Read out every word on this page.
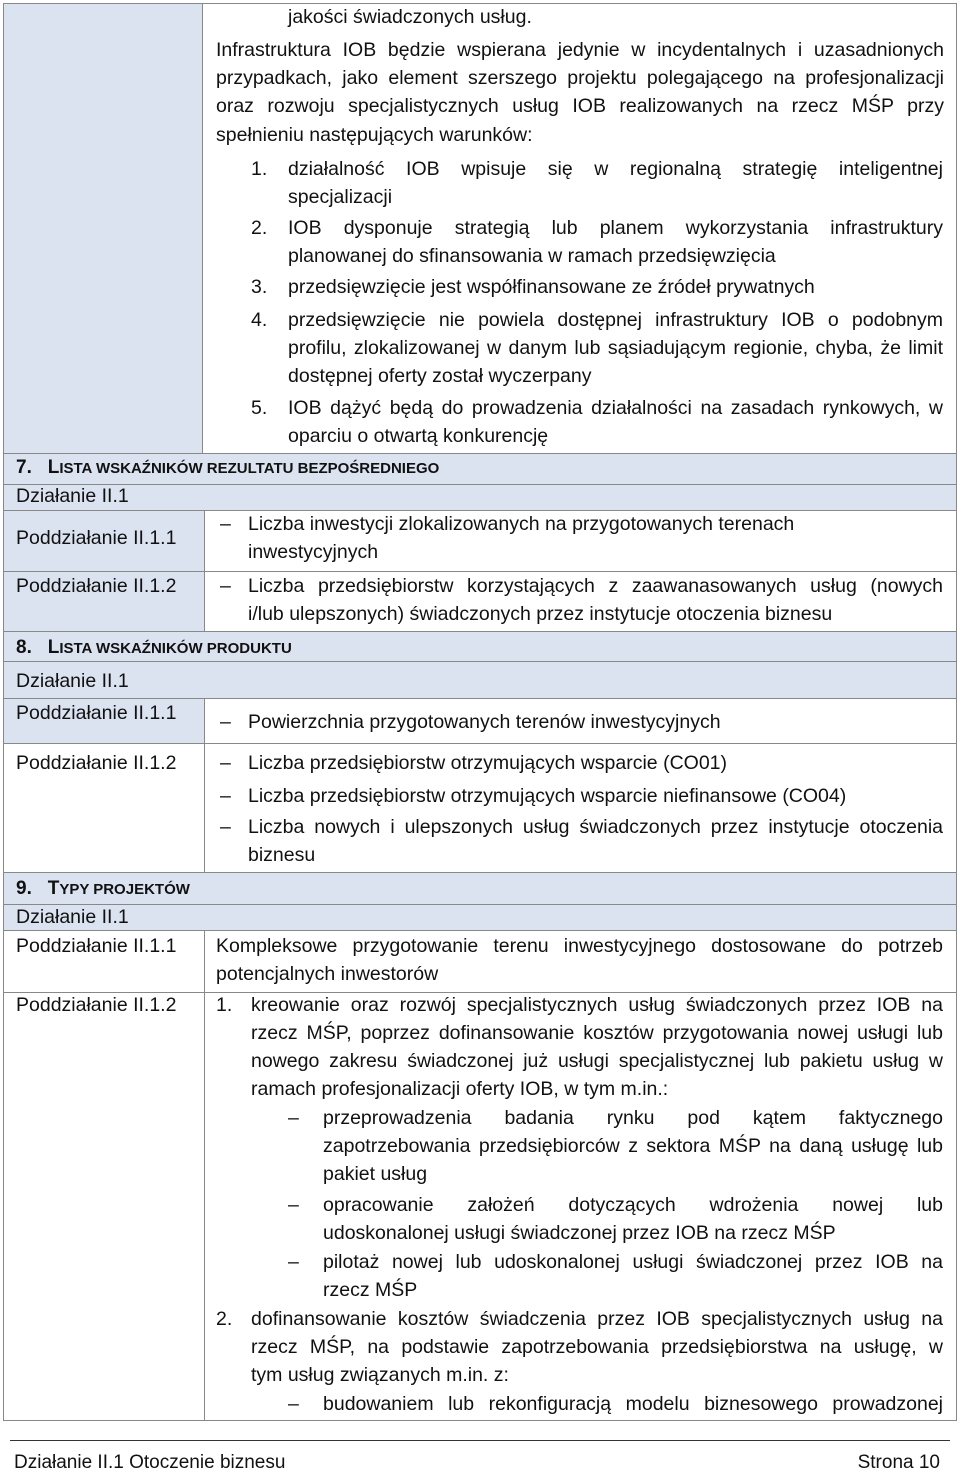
jakości świadczonych usług.
Infrastruktura IOB będzie wspierana jedynie w incydentalnych i uzasadnionych
przypadkach, jako element szerszego projektu polegającego na profesjonalizacji
oraz rozwoju specjalistycznych usług IOB realizowanych na rzecz MŚP przy
spełnieniu następujących warunków:
1. działalność IOB wpisuje się w regionalną strategię inteligentnej
specjalizacji
2. IOB dysponuje strategią lub planem wykorzystania infrastruktury
planowanej do sfinansowania w ramach przedsięwzięcia
3. przedsięwzięcie jest współfinansowane ze źródeł prywatnych
4. przedsięwzięcie nie powiela dostępnej infrastruktury IOB o podobnym
profilu, zlokalizowanej w danym lub sąsiadującym regionie, chyba, że limit
dostępnej oferty został wyczerpany
5. IOB dążyć będą do prowadzenia działalności na zasadach rynkowych, w
oparciu o otwartą konkurencję
7. LISTA WSKAŹNIKÓW REZULTATU BEZPOŚREDNIEGO
Działanie II.1
Poddziałanie II.1.1
– Liczba inwestycji zlokalizowanych na przygotowanych terenach
inwestycyjnych
Poddziałanie II.1.2 – Liczba przedsiębiorstw korzystających z zaawanasowanych usług (nowych
i/lub ulepszonych) świadczonych przez instytucje otoczenia biznesu
8. LISTA WSKAŹNIKÓW PRODUKTU
Działanie II.1
Poddziałanie II.1.1 – Powierzchnia przygotowanych terenów inwestycyjnych
Poddziałanie II.1.2 – Liczba przedsiębiorstw otrzymujących wsparcie (CO01)
– Liczba przedsiębiorstw otrzymujących wsparcie niefinansowe (CO04)
– Liczba nowych i ulepszonych usług świadczonych przez instytucje otoczenia
biznesu
9. TYPY PROJEKTÓW
Działanie II.1
Poddziałanie II.1.1 Kompleksowe przygotowanie terenu inwestycyjnego dostosowane do potrzeb
potencjalnych inwestorów
Poddziałanie II.1.2 1. kreowanie oraz rozwój specjalistycznych usług świadczonych przez IOB na
rzecz MŚP, poprzez dofinansowanie kosztów przygotowania nowej usługi lub
nowego zakresu świadczonej już usługi specjalistycznej lub pakietu usług w
ramach profesjonalizacji oferty IOB, w tym m.in.:
– przeprowadzenia badania rynku pod kątem faktycznego
zapotrzebowania przedsiębiorców z sektora MŚP na daną usługę lub
pakiet usług
– opracowanie założeń dotyczących wdrożenia nowej lub
udoskonalonej usługi świadczonej przez IOB na rzecz MŚP
– pilotaż nowej lub udoskonalonej usługi świadczonej przez IOB na
rzecz MŚP
2. dofinansowanie kosztów świadczenia przez IOB specjalistycznych usług na
rzecz MŚP, na podstawie zapotrzebowania przedsiębiorstwa na usługę, w
tym usług związanych m.in. z:
– budowaniem lub rekonfiguracją modelu biznesowego prowadzonej
Działanie II.1 Otoczenie biznesu	Strona 10
